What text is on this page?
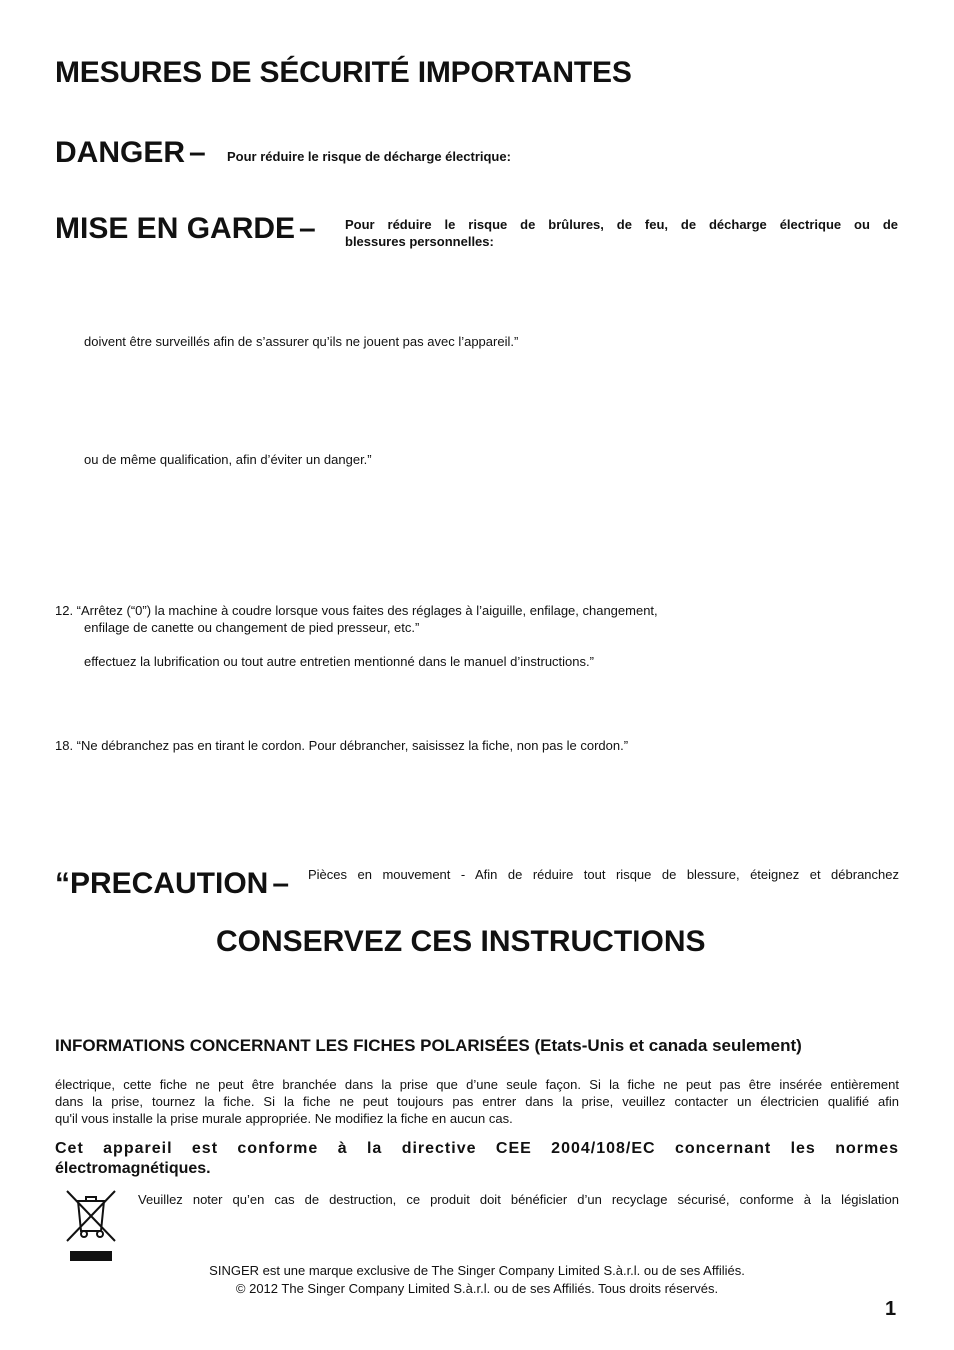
MESURES DE SÉCURITÉ IMPORTANTES
DANGER – Pour réduire le risque de décharge électrique:
MISE EN GARDE – Pour réduire le risque de brûlures, de feu, de décharge électrique ou de
blessures personnelles:
doivent être surveillés afin de s’assurer qu’ils ne jouent pas avec l’appareil.”
ou de même qualification, afin d’éviter un danger.”
12. “Arrêtez (“0”) la machine à coudre lorsque vous faites des réglages à l’aiguille, enfilage, changement,
enfilage de canette ou changement de pied presseur, etc.”
effectuez la lubrification ou tout autre entretien mentionné dans le manuel d’instructions.”
18. “Ne débranchez pas en tirant le cordon. Pour débrancher, saisissez la fiche, non pas le cordon.”
“PRECAUTION – Pièces en mouvement - Afin de réduire tout risque de blessure, éteignez et débranchez
CONSERVEZ CES INSTRUCTIONS
INFORMATIONS CONCERNANT LES FICHES POLARISÉES (Etats-Unis et canada seulement)
électrique, cette fiche ne peut être branchée dans la prise que d’une seule façon. Si la fiche ne peut pas être insérée entièrement
dans la prise, tournez la fiche. Si la fiche ne peut toujours pas entrer dans la prise, veuillez contacter un électricien qualifié afin
qu'il vous installe la prise murale appropriée. Ne modifiez la fiche en aucun cas.
Cet appareil est conforme à la directive CEE 2004/108/EC concernant les normes
électromagnétiques.
Veuillez noter qu’en cas de destruction, ce produit doit bénéficier d’un recyclage sécurisé, conforme à la législation
SINGER est une marque exclusive de The Singer Company Limited S.à.r.l. ou de ses Affiliés.
© 2012 The Singer Company Limited S.à.r.l. ou de ses Affiliés. Tous droits réservés.
1
